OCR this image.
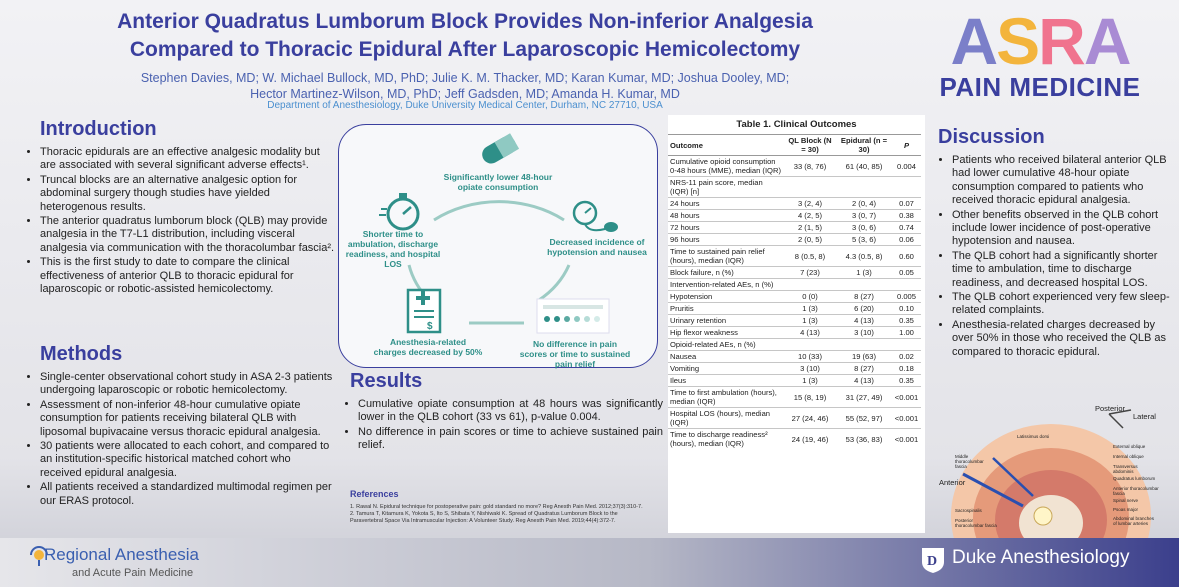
Anterior Quadratus Lumborum Block Provides Non-inferior Analgesia
Compared to Thoracic Epidural After Laparoscopic Hemicolectomy
Stephen Davies, MD; W. Michael Bullock, MD, PhD; Julie K. M. Thacker, MD; Karan Kumar, MD; Joshua Dooley, MD;
Hector Martinez-Wilson, MD, PhD; Jeff Gadsden, MD; Amanda H. Kumar, MD
Department of Anesthesiology, Duke University Medical Center, Durham, NC 27710, USA
ASRA
PAIN MEDICINE
Introduction
• Thoracic epidurals are an effective analgesic modality but are associated with several significant adverse effects¹.
• Truncal blocks are an alternative analgesic option for abdominal surgery though studies have yielded heterogenous results.
• The anterior quadratus lumborum block (QLB) may provide analgesia in the T7-L1 distribution, including visceral analgesia via communication with the thoracolumbar fascia².
• This is the first study to date to compare the clinical effectiveness of anterior QLB to thoracic epidural for laparoscopic or robotic-assisted hemicolectomy.
Methods
• Single-center observational cohort study in ASA 2-3 patients undergoing laparoscopic or robotic hemicolectomy.
• Assessment of non-inferior 48-hour cumulative opiate consumption for patients receiving bilateral QLB with liposomal bupivacaine versus thoracic epidural analgesia.
• 30 patients were allocated to each cohort, and compared to an institution-specific historical matched cohort who received epidural analgesia.
• All patients received a standardized multimodal regimen per our ERAS protocol.
Significantly lower 48-hour opiate consumption
Shorter time to ambulation, discharge readiness, and hospital LOS
Decreased incidence of hypotension and nausea
$
Anesthesia-related charges decreased by 50%
No difference in pain scores or time to sustained pain relief
Results
• Cumulative opiate consumption at 48 hours was significantly lower in the QLB cohort (33 vs 61), p-value 0.004.
• No difference in pain scores or time to achieve sustained pain relief.
References
1. Rawal N. Epidural technique for postoperative pain: gold standard no more? Reg Anesth Pain Med. 2012;37(3):310-7.
2. Tamura T, Kitamura K, Yokota S, Ito S, Shibata Y, Nishiwaki K. Spread of Quadratus Lumborum Block to the Paravertebral Space Via Intramuscular Injection: A Volunteer Study. Reg Anesth Pain Med. 2019;44(4):372-7.
Table 1. Clinical Outcomes
Outcome	QL Block (N = 30)	Epidural (n = 30)	P
Cumulative opioid consumption 0-48 hours (MME), median (IQR)	33 (8, 76)	61 (40, 85)	0.004
NRS-11 pain score, median (IQR) [n]			
24 hours	3 (2, 4)	2 (0, 4)	0.07
48 hours	4 (2, 5)	3 (0, 7)	0.38
72 hours	2 (1, 5)	3 (0, 6)	0.74
96 hours	2 (0, 5)	5 (3, 6)	0.06
Time to sustained pain relief (hours), median (IQR)	8 (0.5, 8)	4.3 (0.5, 8)	0.60
Block failure, n (%)	7 (23)	1 (3)	0.05
Intervention-related AEs, n (%)			
Hypotension	0 (0)	8 (27)	0.005
Pruritis	1 (3)	6 (20)	0.10
Urinary retention	1 (3)	4 (13)	0.35
Hip flexor weakness	4 (13)	3 (10)	1.00
Opioid-related AEs, n (%)			
Nausea	10 (33)	19 (63)	0.02
Vomiting	3 (10)	8 (27)	0.18
Ileus	1 (3)	4 (13)	0.35
Time to first ambulation (hours), median (IQR)	15 (8, 19)	31 (27, 49)	<0.001
Hospital LOS (hours), median (IQR)	27 (24, 46)	55 (52, 97)	<0.001
Time to discharge readiness² (hours), median (IQR)	24 (19, 46)	53 (36, 83)	<0.001
Discussion
• Patients who received bilateral anterior QLB had lower cumulative 48-hour opiate consumption compared to patients who received thoracic epidural analgesia.
• Other benefits observed in the QLB cohort include lower incidence of post-operative hypotension and nausea.
• The QLB cohort had a significantly shorter time to ambulation, time to discharge readiness, and decreased hospital LOS.
• The QLB cohort experienced very few sleep-related complaints.
• Anesthesia-related charges decreased by over 50% in those who received the QLB as compared to thoracic epidural.
Posterior
Lateral
Anterior
Latissimus dorsi
Middle thoracolumbar fascia
Sacrospinalis
Posterior thoracolumbar fascia
External oblique
Internal oblique
Transversus abdominis
Quadratus lumborum
Anterior thoracolumbar fascia
Spinal nerve
Psoas major
Abdominal branches of lumbar arteries
Regional Anesthesia
and Acute Pain Medicine
D Duke Anesthesiology
